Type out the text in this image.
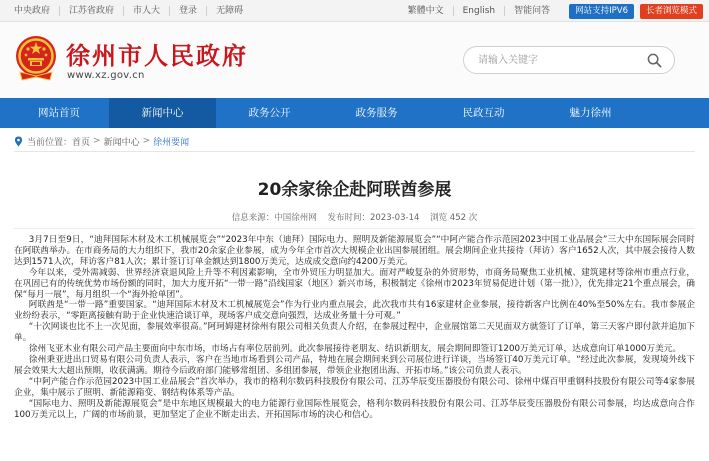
中央政府	江苏省政府	市人大	登录	无障碍	繁體中文	English	智能问答	网站支持IPV6	长者浏览模式
徐州市人民政府
www.xz.gov.cn
请输入关键字
网站首页	新闻中心	政务公开	政务服务	民政互动	魅力徐州
当前位置： 首页 > 新闻中心 > 徐州要闻
20余家徐企赴阿联酋参展
信息来源：中国徐州网 发布时间：2023-03-14 浏览 452 次

3月7日至9日，“迪拜国际木材及木工机械展览会”“2023年中东（迪拜）国际电力、照明及新能源展览会”“中阿产能合作示范园2023中国工业品展会”三大中东国际展会同时在阿联酋举办。在市商务局的大力组织下，我市20余家企业参展，成为今年全市首次大规模企业出国参展团组。展会期间企业共接待（拜访）客户1652人次，其中展会接待人数达到1571人次，拜访客户81人次；累计签订订单金额达到1800万美元，达成成交意向约4200万美元。

今年以来，受外需减弱、世界经济衰退风险上升等不利因素影响，全市外贸压力明显加大。面对严峻复杂的外贸形势，市商务局聚焦工业机械、建筑建材等徐州市重点行业，在巩固已有的传统优势市场份额的同时，加大力度开拓“一带一路”沿线国家（地区）新兴市场，积极制定《徐州市2023年贸易促进计划（第一批）》，优先排定21个重点展会，确保“每月一展”，每月组织一个“海外抢单团”。

阿联酋是“一带一路”重要国家。“迪拜国际木材及木工机械展览会”作为行业内重点展会，此次我市共有16家建材企业参展，接待新客户比例在40%至50%左右。我市参展企业纷纷表示，“零距离接触有助于企业快速洽谈订单，现场客户成交意向强烈，达成业务量十分可观。”

“十次网谈也比不上一次见面，参展效率很高。”阿珂姆建材徐州有限公司相关负责人介绍，在参展过程中，企业展馆第二天见面双方就签订了订单，第三天客户即付款并追加下单。

徐州飞亚木业有限公司产品主要面向中东市场，市场占有率位居前列。此次参展接待老朋友、结识新朋友，展会期间即签订1200万美元订单，达成意向订单1000万美元。

徐州秉亚进出口贸易有限公司负责人表示，客户在当地市场看到公司产品，特地在展会期间来到公司展位进行详谈，当场签订40万美元订单。“经过此次参展，发现境外线下展会效果大大超出预期，收获满满。期待今后政府部门能够常组团、多组团参展，带领企业抱团出海、开拓市场。”该公司负责人表示。

“中阿产能合作示范园2023中国工业品展会”首次举办，我市的格利尔数码科技股份有限公司、江苏华辰变压器股份有限公司、徐州中煤百甲重钢科技股份有限公司等4家参展企业，集中展示了照明、新能源箱变、钢结构体系等产品。

“国际电力、照明及新能源展览会”是中东地区规模最大的电力能源行业国际性展览会，格利尔数码科技股份有限公司、江苏华辰变压器股份有限公司参展，均达成意向合作100万美元以上，广阔的市场前景，更加坚定了企业不断走出去、开拓国际市场的决心和信心。
